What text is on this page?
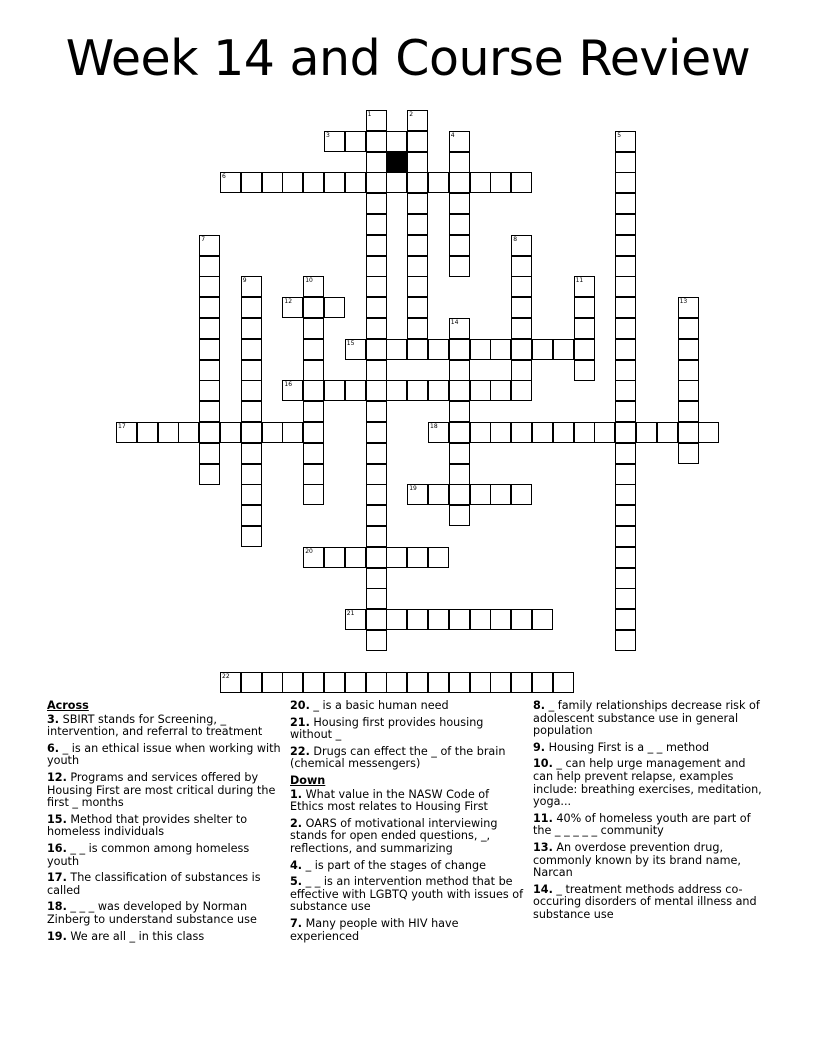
Week 14 and Course Review
1	2
3	4	5
6
7	8
9	10	11
12	13
14
15
16
17	18
19
20
21
22
Across
3. SBIRT stands for Screening, _ intervention, and referral to treatment
6. _ is an ethical issue when working with youth
12. Programs and services offered by Housing First are most critical during the first _ months
15. Method that provides shelter to homeless individuals
16. _ _ is common among homeless youth
17. The classification of substances is called
18. _ _ _ was developed by Norman Zinberg to understand substance use
19. We are all _ in this class
20. _ is a basic human need
21. Housing first provides housing without _
22. Drugs can effect the _ of the brain (chemical messengers)
Down
1. What value in the NASW Code of Ethics most relates to Housing First
2. OARS of motivational interviewing stands for open ended questions, _, reflections, and summarizing
4. _ is part of the stages of change
5. _ _ is an intervention method that be effective with LGBTQ youth with issues of substance use
7. Many people with HIV have experienced
8. _ family relationships decrease risk of adolescent substance use in general population
9. Housing First is a _ _ method
10. _ can help urge management and can help prevent relapse, examples include: breathing exercises, meditation, yoga...
11. 40% of homeless youth are part of the _ _ _ _ _ community
13. An overdose prevention drug, commonly known by its brand name, Narcan
14. _ treatment methods address co-occuring disorders of mental illness and substance use
